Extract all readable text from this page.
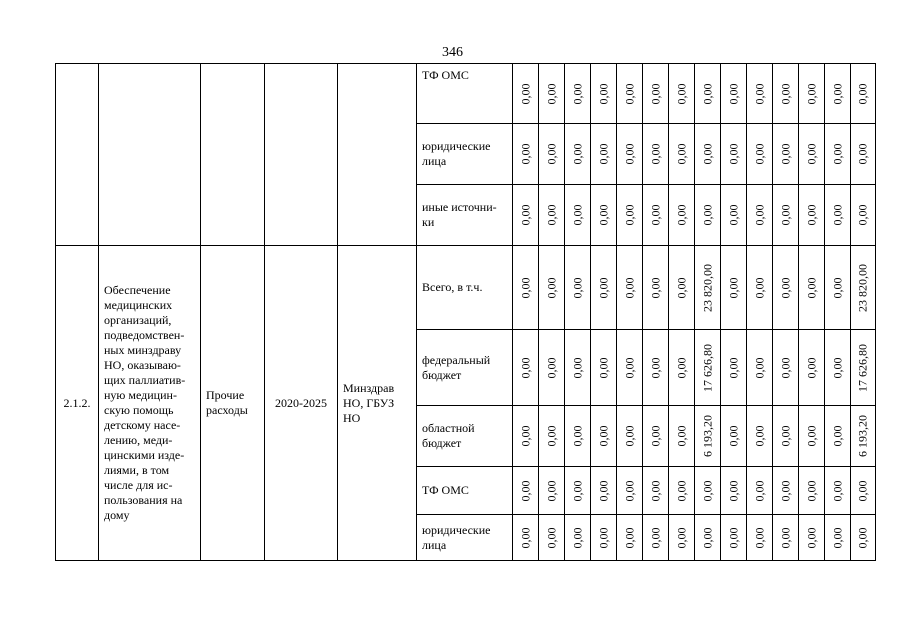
346
					ТФ ОМС	0,00	0,00	0,00	0,00	0,00	0,00	0,00	0,00	0,00	0,00	0,00	0,00	0,00	0,00

					юридические лица	0,00	0,00	0,00	0,00	0,00	0,00	0,00	0,00	0,00	0,00	0,00	0,00	0,00	0,00

					иные источни-ки	0,00	0,00	0,00	0,00	0,00	0,00	0,00	0,00	0,00	0,00	0,00	0,00	0,00	0,00

2.1.2.	Обеспечение медицинских организаций, подведомствен-ных минздраву НО, оказываю-щих паллиатив-ную медицин-скую помощь детскому насе-лению, меди-цинскими изде-лиями, в том числе для ис-пользования на дому	Прочие расходы	2020-2025	Минздрав НО, ГБУЗ НО	Всего, в т.ч.	0,00	0,00	0,00	0,00	0,00	0,00	0,00	23 820,00	0,00	0,00	0,00	0,00	0,00	23 820,00

					федеральный бюджет	0,00	0,00	0,00	0,00	0,00	0,00	0,00	17 626,80	0,00	0,00	0,00	0,00	0,00	17 626,80

					областной бюджет	0,00	0,00	0,00	0,00	0,00	0,00	0,00	6 193,20	0,00	0,00	0,00	0,00	0,00	6 193,20

					ТФ ОМС	0,00	0,00	0,00	0,00	0,00	0,00	0,00	0,00	0,00	0,00	0,00	0,00	0,00	0,00

					юридические лица	0,00	0,00	0,00	0,00	0,00	0,00	0,00	0,00	0,00	0,00	0,00	0,00	0,00	0,00
